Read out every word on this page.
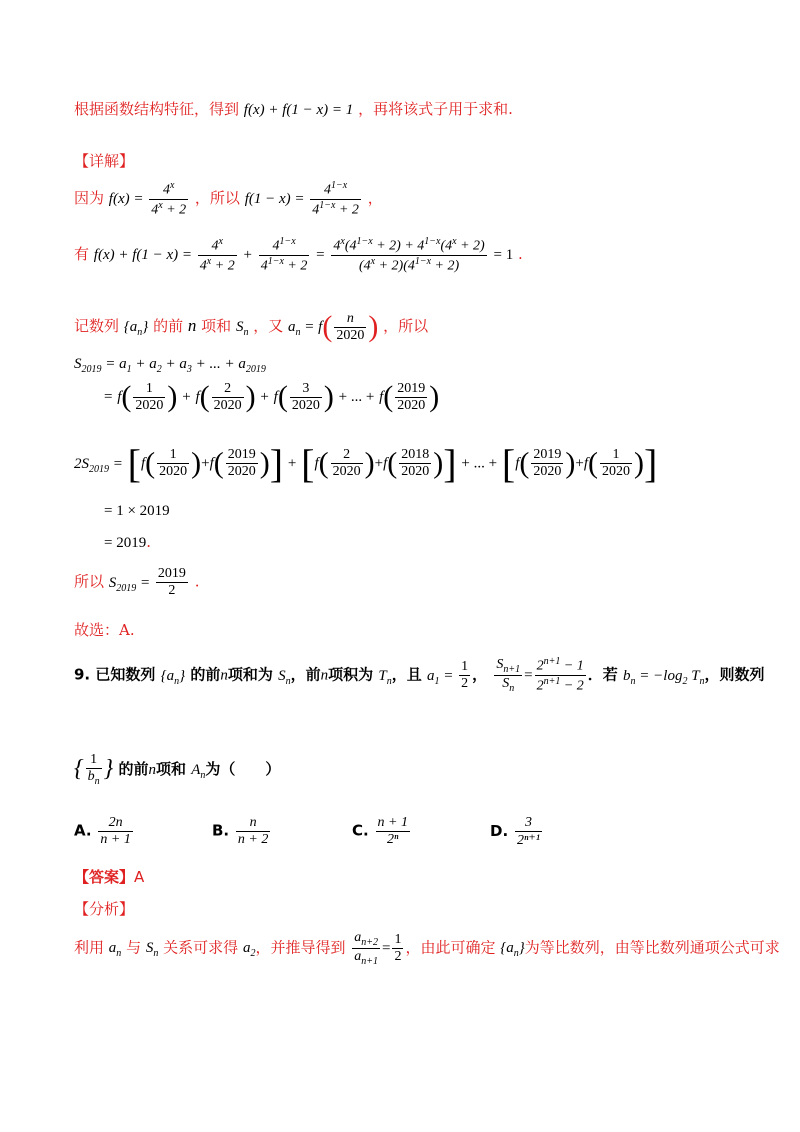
根据函数结构特征，得到 f(x) + f(1 − x) = 1 ，再将该式子用于求和.
【详解】
因为 $f(x) = \frac{4^x}{4^x + 2}$ ，所以 $f(1 - x) = \frac{4^{1-x}}{4^{1-x} + 2}$ ，
有 $f(x) + f(1 - x) = \frac{4^x}{4^x + 2} + \frac{4^{1-x}}{4^{1-x} + 2} = \frac{4^x(4^{1-x} + 2) + 4^{1-x}(4^x + 2)}{(4^x + 2)(4^{1-x} + 2)} = 1$ .
记数列 $\{a_n\}$ 的前 n 项和 $S_n$ ，又 $a_n = f( \frac{n}{2020}$ ) ，所以
$S_{2019} = a_1 + a_2 + a_3$ + ... + $a_{2019}$
= $f( \frac{1}{2020}$ ) + $f( \frac{2}{2020}$ ) + $f( \frac{3}{2020}$ ) + ... + $f( \frac{2019}{2020}$ )
$2S_{2019} = [f( \frac{1}{2020} )+f( \frac{2019}{2020}$ )] + [$f( \frac{2}{2020} )+f( \frac{2018}{2020}$ )] + ... + [$f( \frac{2019}{2020} )+f( \frac{1}{2020}$ )]
= 1 × 2019
= 2019.
所以 $S_{2019} = \frac{2019}{2}$ .
故选：A.
9. 已知数列 $\{a_n\}$ 的前n项和为 $S_n$，前n项积为 $T_n$，且 $a_1 = \frac{1}{2}$ ， $\frac{S_{n+1}}{S_n} = \frac{2^{n+1} - 1}{2^{n+1} - 2}$ ．若 $b_n = -\log_2$ $T_n$，则数列
{ $\frac{1}{b_n}$ } 的前n项和 $A_n$为（　　）
A. $\frac{2n}{n + 1}$	B. $\frac{n}{n + 2}$	C. $\frac{n + 1}{\text{2ⁿ}}$	D. $\frac{3}{\text{2ⁿ⁺¹}}$
【答案】A
【分析】
利用 $a_n$ 与 $S_n$ 关系可求得 $a_2$，并推导得到 $\frac{a_{n+2}}{a_{n+1}} = \frac{1}{2}$ ，由此可确定 $\{a_n\}$为等比数列，由等比数列通项公式可求
